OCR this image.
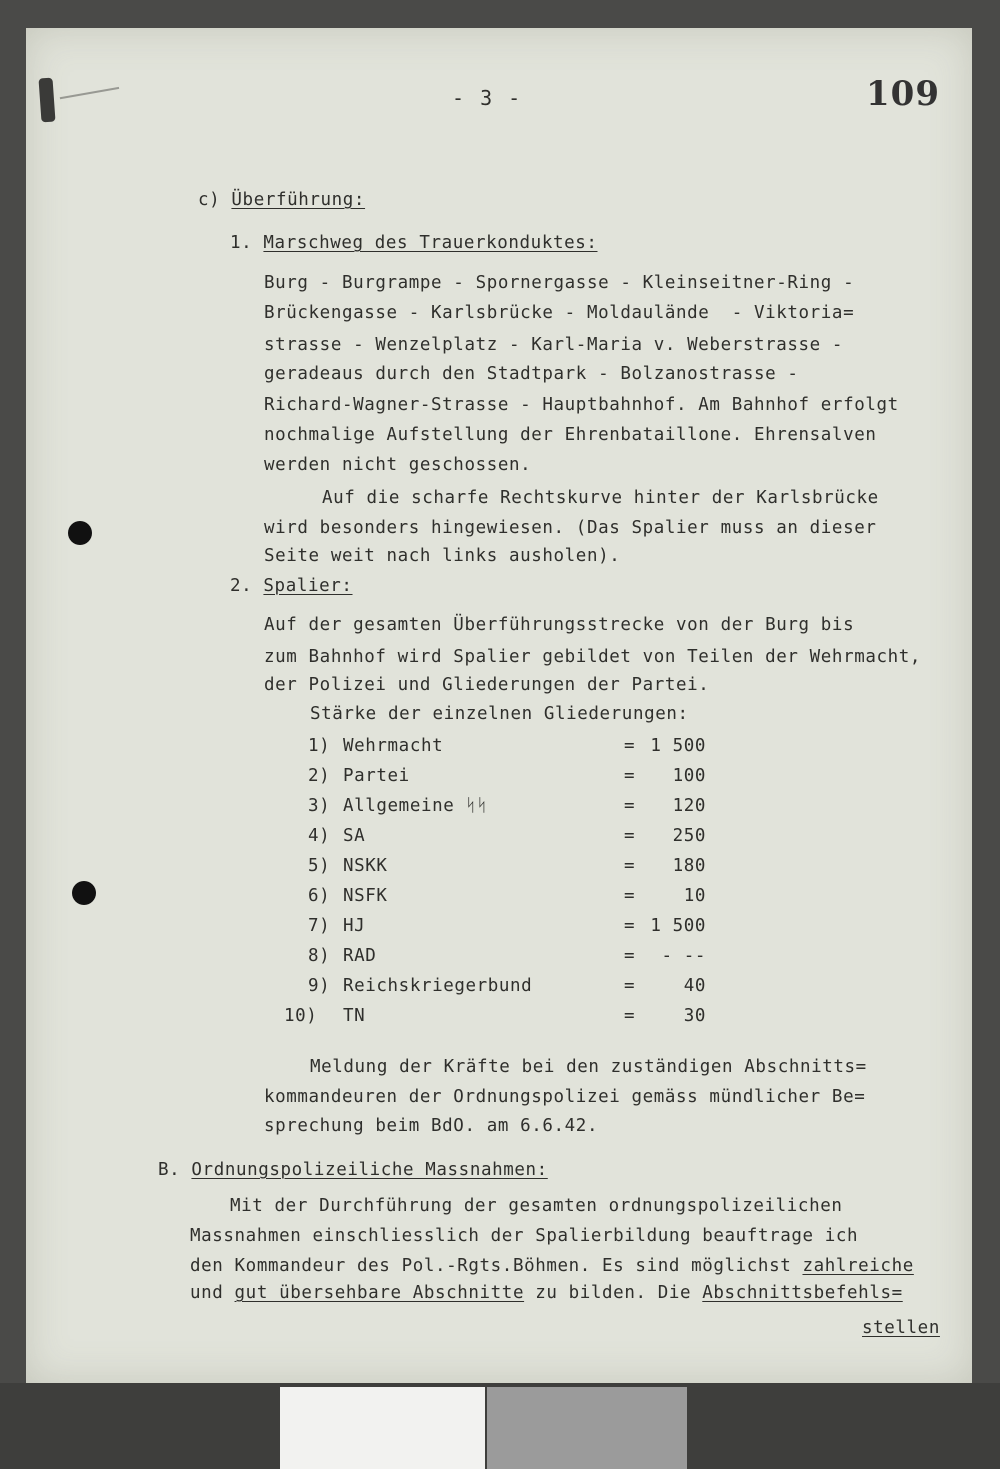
- 3 -	109
c) Überführung:
1. Marschweg des Trauerkonduktes:
Burg - Burgrampe - Spornergasse - Kleinseitner-Ring -
Brückengasse - Karlsbrücke - Moldauländе  - Viktoria=
strasse - Wenzelplatz - Karl-Maria v. Weberstrasse -
geradeaus durch den Stadtpark - Bolzanostrasse -
Richard-Wagner-Strasse - Hauptbahnhof. Am Bahnhof erfolgt
nochmalige Aufstellung der Ehrenbataillone. Ehrensalven
werden nicht geschossen.
Auf die scharfe Rechtskurve hinter der Karlsbrücke
wird besonders hingewiesen. (Das Spalier muss an dieser
Seite weit nach links ausholen).
2. Spalier:
Auf der gesamten Überführungsstrecke von der Burg bis
zum Bahnhof wird Spalier gebildet von Teilen der Wehrmacht,
der Polizei und Gliederungen der Partei.
Stärke der einzelnen Gliederungen:
1) Wehrmacht	= 1 500
2) Partei	=	100
3) Allgemeine ᛋᛋ	=	120
4) SA	=	250
5) NSKK	=	180
6) NSFK	=	10
7) HJ	= 1 500
8) RAD	=	- --
9) Reichskriegerbund	=	40
10) TN	=	30
Meldung der Kräfte bei den zuständigen Abschnitts=
kommandeuren der Ordnungspolizei gemäss mündlicher Be=
sprechung beim BdO. am 6.6.42.
B. Ordnungspolizeiliche Massnahmen:
Mit der Durchführung der gesamten ordnungspolizeilichen
Massnahmen einschliesslich der Spalierbildung beauftrage ich
den Kommandeur des Pol.-Rgts.Böhmen. Es sind möglichst zahlreiche
und gut übersehbare Abschnitte zu bilden. Die Abschnittsbefehls=
stellen
